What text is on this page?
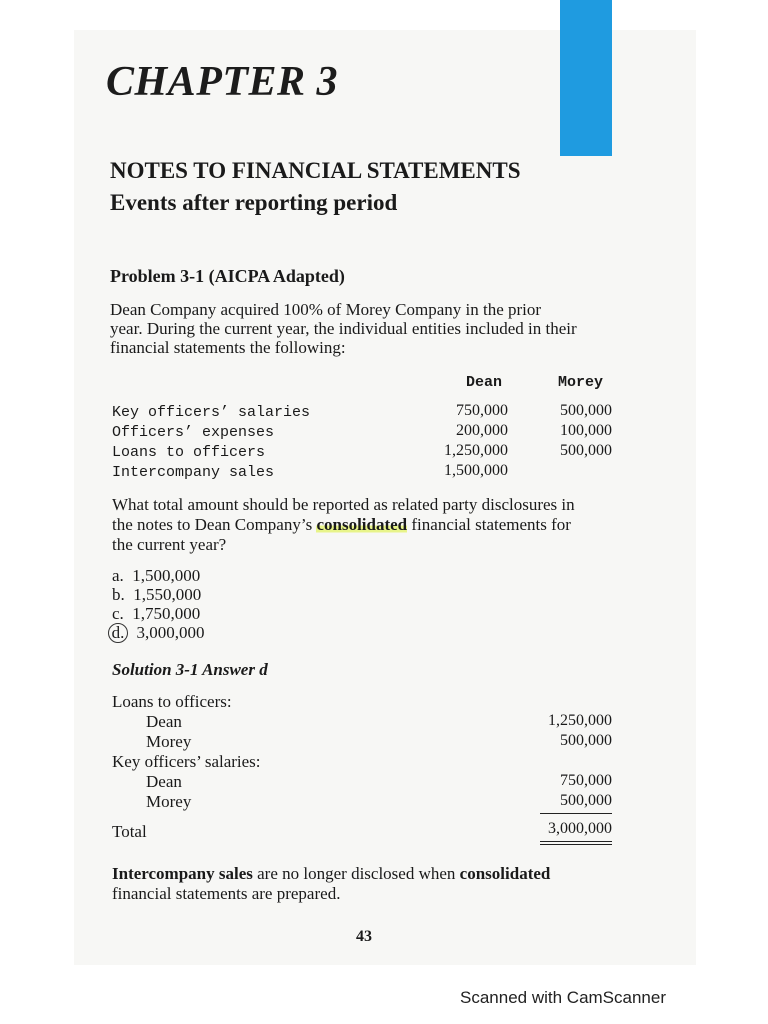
CHAPTER 3
NOTES TO FINANCIAL STATEMENTS
Events after reporting period
Problem 3-1 (AICPA Adapted)
Dean Company acquired 100% of Morey Company in the prior
year. During the current year, the individual entities included in their
financial statements the following:
Dean	Morey
Key officers’ salaries	750,000	500,000
Officers’ expenses	200,000	100,000
Loans to officers	1,250,000	500,000
Intercompany sales	1,500,000
What total amount should be reported as related party disclosures in
the notes to Dean Company’s consolidated financial statements for
the current year?
a. 1,500,000
b. 1,550,000
c. 1,750,000
d. 3,000,000
Solution 3-1 Answer d
Loans to officers:
Dean	1,250,000
Morey	500,000
Key officers’ salaries:
Dean	750,000
Morey	500,000
Total	3,000,000
Intercompany sales are no longer disclosed when consolidated
financial statements are prepared.
43
Scanned with CamScanner
